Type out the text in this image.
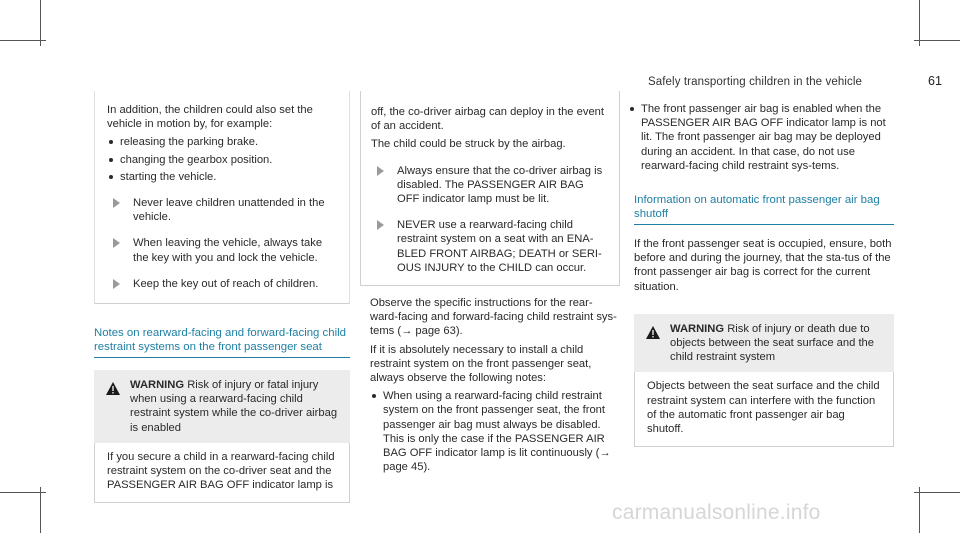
Safely transporting children in the vehicle	61

In addition, the children could also set the vehicle in motion by, for example:

releasing the parking brake.
changing the gearbox position.
starting the vehicle.
Never leave children unattended in the vehicle.
When leaving the vehicle, always take the key with you and lock the vehicle.
Keep the key out of reach of children.
Notes on rearward-facing and forward-facing child restraint systems on the front passenger seat
WARNING Risk of injury or fatal injury when using a rearward-facing child restraint system while the co-driver airbag is enabled
If you secure a child in a rearward-facing child restraint system on the co-driver seat and the PASSENGER AIR BAG OFF indicator lamp is

off, the co-driver airbag can deploy in the event of an accident.

The child could be struck by the airbag.

Always ensure that the co-driver airbag is disabled. The PASSENGER AIR BAG OFF indicator lamp must be lit.
NEVER use a rearward-facing child restraint system on a seat with an ENA-BLED FRONT AIRBAG; DEATH or SERI-OUS INJURY to the CHILD can occur.

Observe the specific instructions for the rear-ward-facing and forward-facing child restraint sys-tems (→ page 63).

If it is absolutely necessary to install a child restraint system on the front passenger seat, always observe the following notes:

When using a rearward-facing child restraint system on the front passenger seat, the front passenger air bag must always be disabled. This is only the case if the PASSENGER AIR BAG OFF indicator lamp is lit continuously (→ page 45).
The front passenger air bag is enabled when the PASSENGER AIR BAG OFF indicator lamp is not lit. The front passenger air bag may be deployed during an accident. In that case, do not use rearward-facing child restraint sys-tems.
Information on automatic front passenger air bag shutoff

If the front passenger seat is occupied, ensure, both before and during the journey, that the sta-tus of the front passenger air bag is correct for the current situation.

WARNING Risk of injury or death due to objects between the seat surface and the child restraint system
Objects between the seat surface and the child restraint system can interfere with the function of the automatic front passenger air bag shutoff.
carmanualsonline.info
